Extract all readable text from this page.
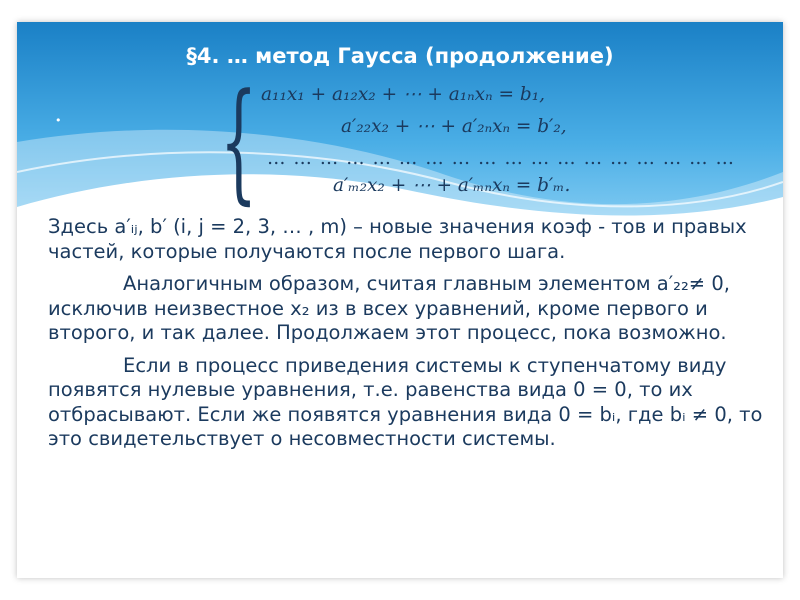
§4. … метод Гаусса (продолжение)
• { a₁₁x₁ + a₁₂x₂ + ⋯ + a₁ₙxₙ = b₁,
a′₂₂x₂ + ⋯ + a′₂ₙxₙ = b′₂,
… … … … … … … … … … … … … … … … … …
a′ₘ₂x₂ + ⋯ + a′ₘₙxₙ = b′ₘ.

Здесь a′ᵢⱼ, b′ (i, j = 2, 3, … , m) – новые значения коэф - тов и правых частей, которые получаются после первого шага.

Аналогичным образом, считая главным элементом a′₂₂≠ 0, исключив неизвестное x₂ из в всех уравнений, кроме первого и второго, и так далее. Продолжаем этот процесс, пока возможно.

Если в процесс приведения системы к ступенчатому виду появятся нулевые уравнения, т.е. равенства вида 0 = 0, то их отбрасывают. Если же появятся уравнения вида 0 = bᵢ, где bᵢ ≠ 0, то это свидетельствует о несовместности системы.
